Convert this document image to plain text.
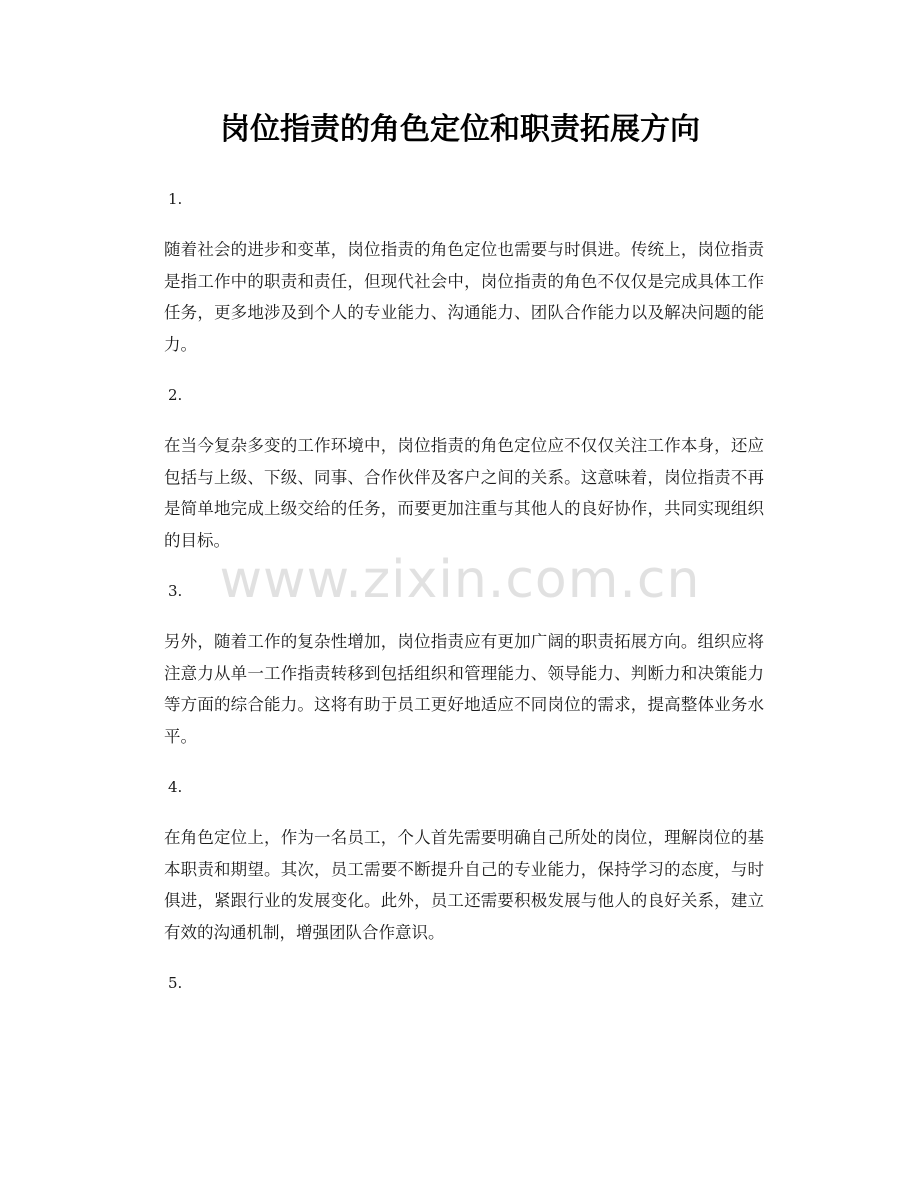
岗位指责的角色定位和职责拓展方向
www.zixin.com.cn

1.

随着社会的进步和变革，岗位指责的角色定位也需要与时俱进。传统上，岗位指责是指工作中的职责和责任，但现代社会中，岗位指责的角色不仅仅是完成具体工作任务，更多地涉及到个人的专业能力、沟通能力、团队合作能力以及解决问题的能力。

2.

在当今复杂多变的工作环境中，岗位指责的角色定位应不仅仅关注工作本身，还应包括与上级、下级、同事、合作伙伴及客户之间的关系。这意味着，岗位指责不再是简单地完成上级交给的任务，而要更加注重与其他人的良好协作，共同实现组织的目标。

3.

另外，随着工作的复杂性增加，岗位指责应有更加广阔的职责拓展方向。组织应将注意力从单一工作指责转移到包括组织和管理能力、领导能力、判断力和决策能力等方面的综合能力。这将有助于员工更好地适应不同岗位的需求，提高整体业务水平。

4.

在角色定位上，作为一名员工，个人首先需要明确自己所处的岗位，理解岗位的基本职责和期望。其次，员工需要不断提升自己的专业能力，保持学习的态度，与时俱进，紧跟行业的发展变化。此外，员工还需要积极发展与他人的良好关系，建立有效的沟通机制，增强团队合作意识。

5.
